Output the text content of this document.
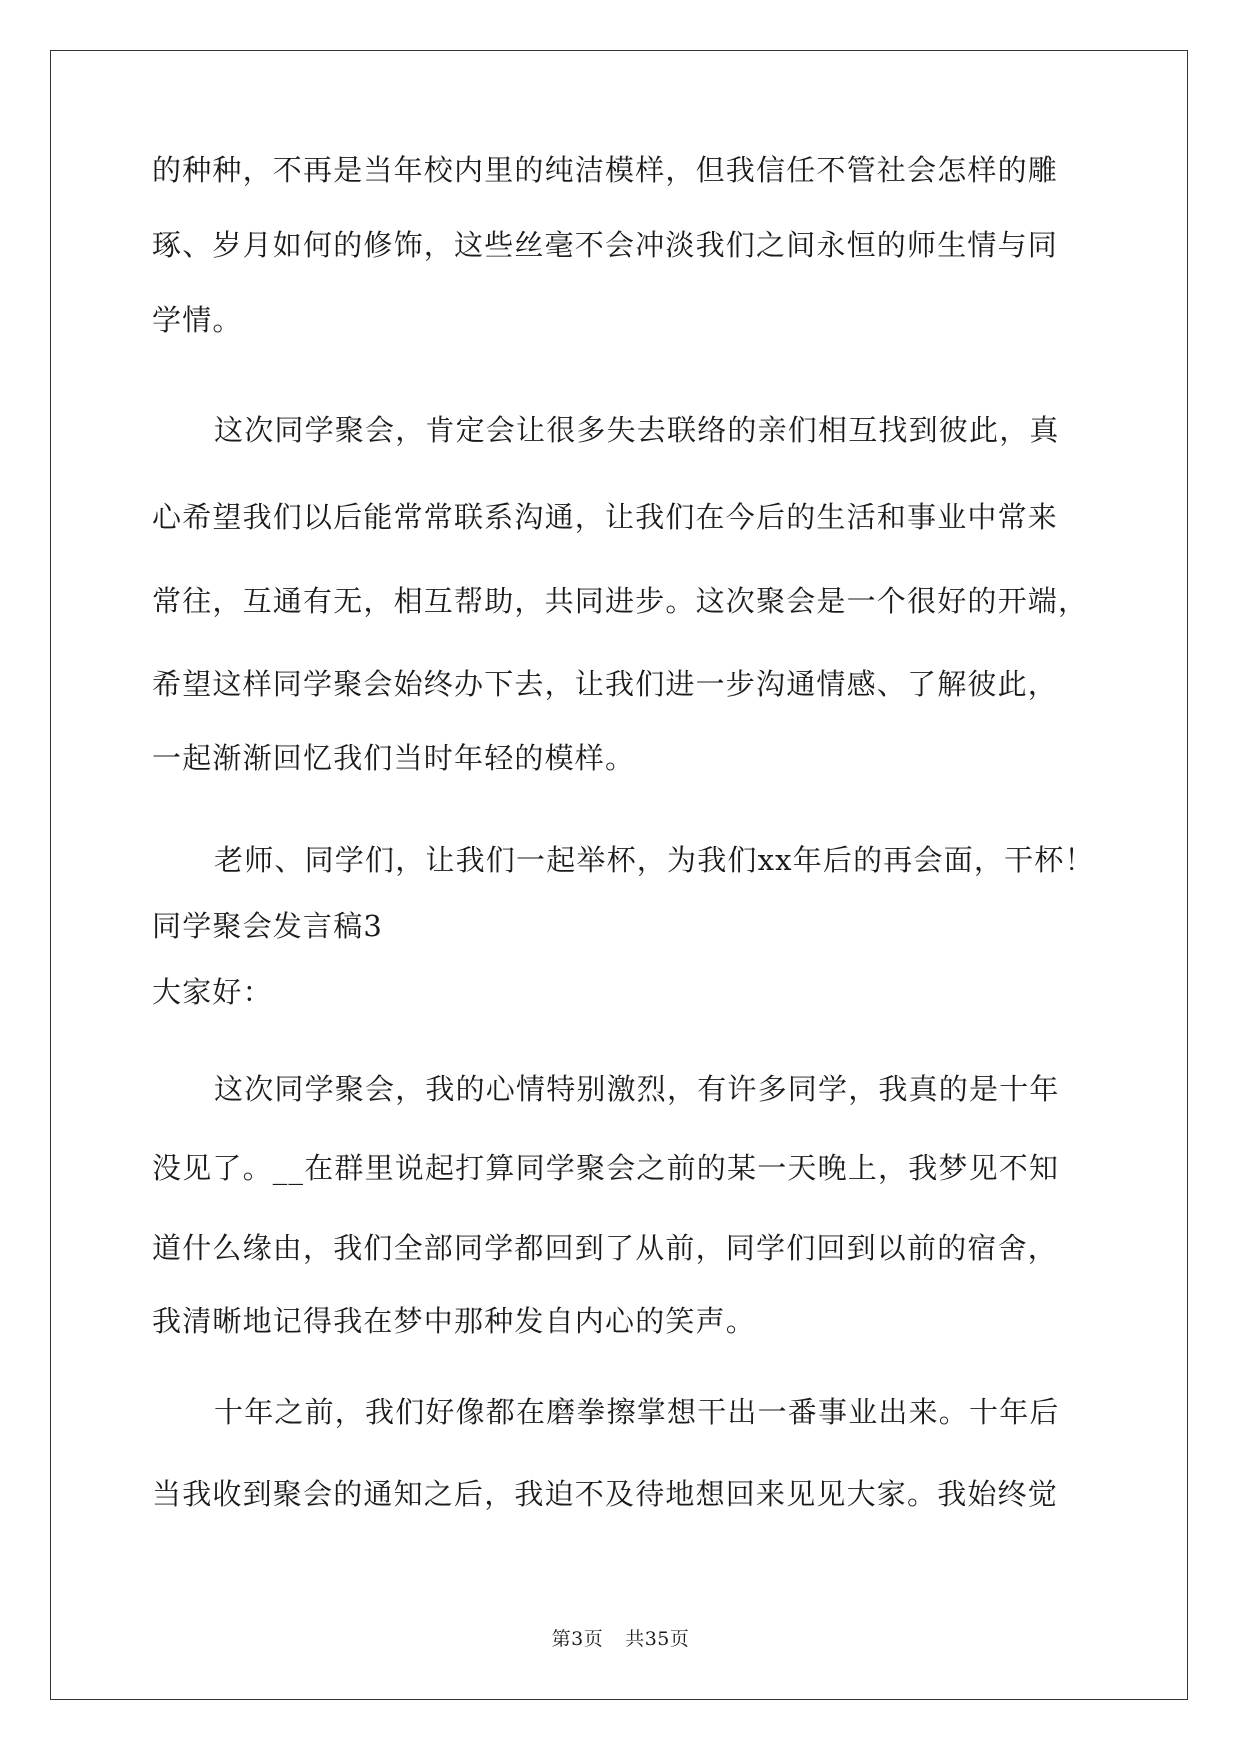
的种种，不再是当年校内里的纯洁模样，但我信任不管社会怎样的雕
琢、岁月如何的修饰，这些丝毫不会冲淡我们之间永恒的师生情与同
学情。
这次同学聚会，肯定会让很多失去联络的亲们相互找到彼此，真
心希望我们以后能常常联系沟通，让我们在今后的生活和事业中常来
常往，互通有无，相互帮助，共同进步。这次聚会是一个很好的开端，
希望这样同学聚会始终办下去，让我们进一步沟通情感、了解彼此，
一起渐渐回忆我们当时年轻的模样。
老师、同学们，让我们一起举杯，为我们xx年后的再会面，干杯！
同学聚会发言稿3
大家好：
这次同学聚会，我的心情特别激烈，有许多同学，我真的是十年
没见了。__在群里说起打算同学聚会之前的某一天晚上，我梦见不知
道什么缘由，我们全部同学都回到了从前，同学们回到以前的宿舍，
我清晰地记得我在梦中那种发自内心的笑声。
十年之前，我们好像都在磨拳擦掌想干出一番事业出来。十年后
当我收到聚会的通知之后，我迫不及待地想回来见见大家。我始终觉
第3页 共35页
